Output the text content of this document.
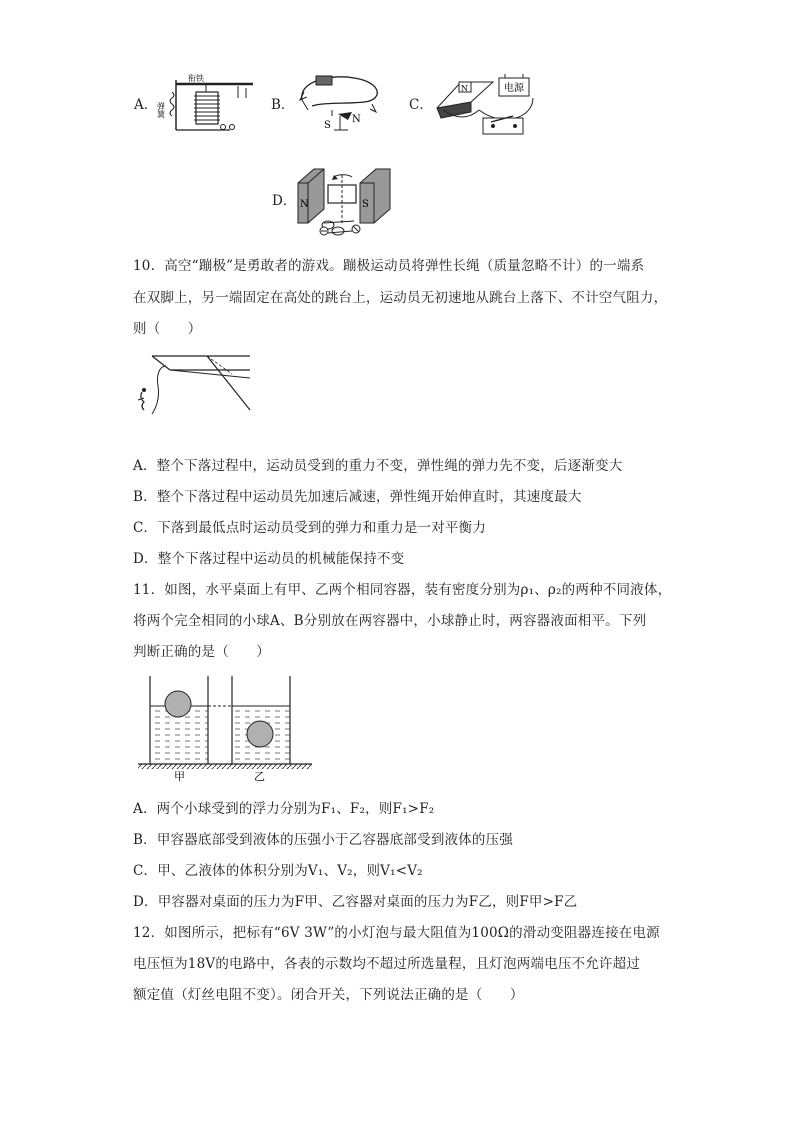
A．
衔铁
弹簧	B．
S
N
C．
电源
N
D． N	S
10．高空“蹦极”是勇敢者的游戏。蹦极运动员将弹性长绳（质量忽略不计）的一端系
在双脚上，另一端固定在高处的跳台上，运动员无初速地从跳台上落下、不计空气阻力，
则（　　）
A．整个下落过程中，运动员受到的重力不变，弹性绳的弹力先不变，后逐渐变大
B．整个下落过程中运动员先加速后减速，弹性绳开始伸直时，其速度最大
C．下落到最低点时运动员受到的弹力和重力是一对平衡力
D．整个下落过程中运动员的机械能保持不变
11．如图，水平桌面上有甲、乙两个相同容器，装有密度分别为ρ₁、ρ₂的两种不同液体，
将两个完全相同的小球A、B分别放在两容器中，小球静止时，两容器液面相平。下列
判断正确的是（　　）
甲	乙
A．两个小球受到的浮力分别为F₁、F₂，则F₁>F₂
B．甲容器底部受到液体的压强小于乙容器底部受到液体的压强
C．甲、乙液体的体积分别为V₁、V₂，则V₁<V₂
D．甲容器对桌面的压力为F甲、乙容器对桌面的压力为F乙，则F甲>F乙
12．如图所示，把标有“6V 3W”的小灯泡与最大阻值为100Ω的滑动变阻器连接在电源
电压恒为18V的电路中，各表的示数均不超过所选量程，且灯泡两端电压不允许超过
额定值（灯丝电阻不变）。闭合开关，下列说法正确的是（　　）
